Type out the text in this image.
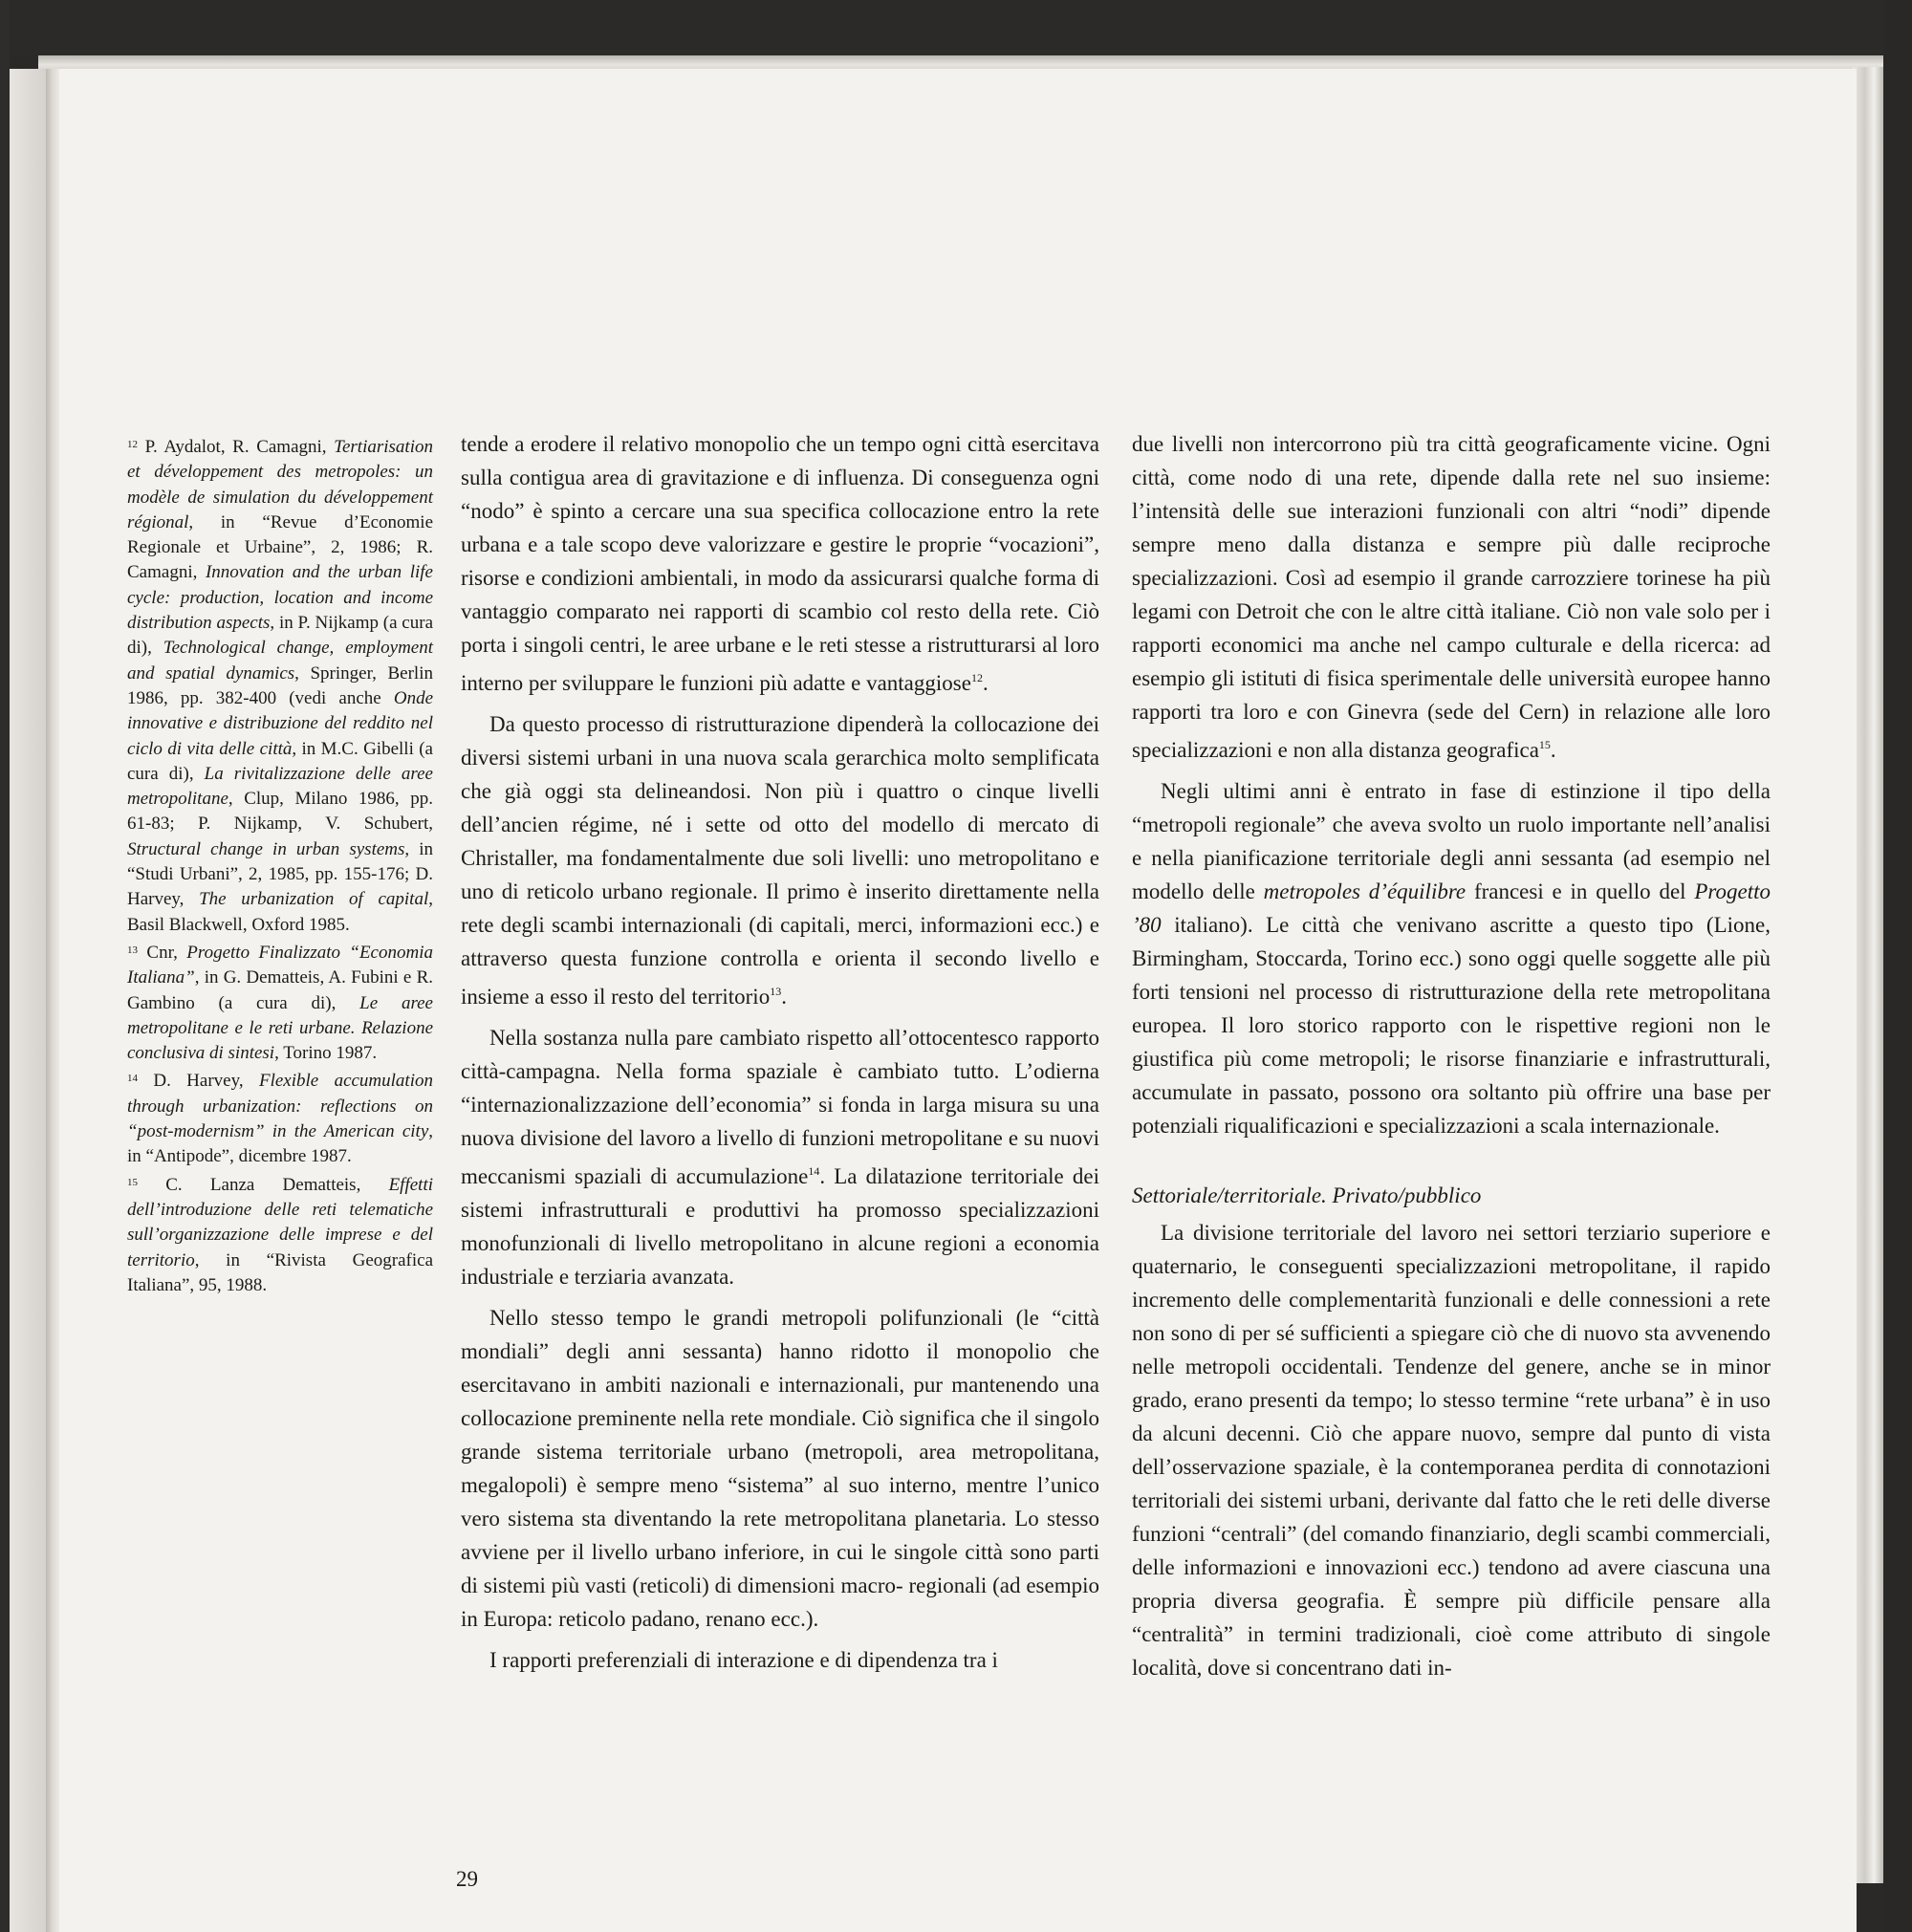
$^{12}$ P. Aydalot, R. Camagni, Tertiarisation et développement des metropoles: un modèle de simulation du développement régional, in “Revue d’Economie Regionale et Urbaine”, 2, 1986; R. Camagni, Innovation and the urban life cycle: production, location and income distribution aspects, in P. Nijkamp (a cura di), Technological change, employment and spatial dynamics, Springer, Berlin 1986, pp. 382-400 (vedi anche Onde innovative e distribuzione del reddito nel ciclo di vita delle città, in M.C. Gibelli (a cura di), La rivitalizzazione delle aree metropolitane, Clup, Milano 1986, pp. 61-83; P. Nijkamp, V. Schubert, Structural change in urban systems, in “Studi Urbani”, 2, 1985, pp. 155-176; D. Harvey, The urbanization of capital, Basil Blackwell, Oxford 1985.

$^{13}$ Cnr, Progetto Finalizzato “Economia Italiana”, in G. Dematteis, A. Fubini e R. Gambino (a cura di), Le aree metropolitane e le reti urbane. Relazione conclusiva di sintesi, Torino 1987.

$^{14}$ D. Harvey, Flexible accumulation through urbanization: reflections on “post-modernism” in the American city, in “Antipode”, dicembre 1987.

$^{15}$ C. Lanza Dematteis, Effetti dell’introduzione delle reti telematiche sull’organizzazione delle imprese e del territorio, in “Rivista Geografica Italiana”, 95, 1988.

tende a erodere il relativo monopolio che un tempo ogni città esercitava sulla contigua area di gravitazione e di influenza. Di conseguenza ogni “nodo” è spinto a cercare una sua specifica collocazione entro la rete urbana e a tale scopo deve valorizzare e gestire le proprie “vocazioni”, risorse e condizioni ambientali, in modo da assicurarsi qualche forma di vantaggio comparato nei rapporti di scambio col resto della rete. Ciò porta i singoli centri, le aree urbane e le reti stesse a ristrutturarsi al loro interno per sviluppare le funzioni più adatte e vantaggiose$^{12}$.

Da questo processo di ristrutturazione dipenderà la collocazione dei diversi sistemi urbani in una nuova scala gerarchica molto semplificata che già oggi sta delineandosi. Non più i quattro o cinque livelli dell’ancien régime, né i sette od otto del modello di mercato di Christaller, ma fondamentalmente due soli livelli: uno metropolitano e uno di reticolo urbano regionale. Il primo è inserito direttamente nella rete degli scambi internazionali (di capitali, merci, informazioni ecc.) e attraverso questa funzione controlla e orienta il secondo livello e insieme a esso il resto del territorio$^{13}$.

Nella sostanza nulla pare cambiato rispetto all’ottocentesco rapporto città-campagna. Nella forma spaziale è cambiato tutto. L’odierna “internazionalizzazione dell’economia” si fonda in larga misura su una nuova divisione del lavoro a livello di funzioni metropolitane e su nuovi meccanismi spaziali di accumulazione$^{14}$. La dilatazione territoriale dei sistemi infrastrutturali e produttivi ha promosso specializzazioni monofunzionali di livello metropolitano in alcune regioni a economia industriale e terziaria avanzata.

Nello stesso tempo le grandi metropoli polifunzionali (le “città mondiali” degli anni sessanta) hanno ridotto il monopolio che esercitavano in ambiti nazionali e internazionali, pur mantenendo una collocazione preminente nella rete mondiale. Ciò significa che il singolo grande sistema territoriale urbano (metropoli, area metropolitana, megalopoli) è sempre meno “sistema” al suo interno, mentre l’unico vero sistema sta diventando la rete metropolitana planetaria. Lo stesso avviene per il livello urbano inferiore, in cui le singole città sono parti di sistemi più vasti (reticoli) di dimensioni macro- regionali (ad esempio in Europa: reticolo padano, renano ecc.).

I rapporti preferenziali di interazione e di dipendenza tra i

due livelli non intercorrono più tra città geograficamente vicine. Ogni città, come nodo di una rete, dipende dalla rete nel suo insieme: l’intensità delle sue interazioni funzionali con altri “nodi” dipende sempre meno dalla distanza e sempre più dalle reciproche specializzazioni. Così ad esempio il grande carrozziere torinese ha più legami con Detroit che con le altre città italiane. Ciò non vale solo per i rapporti economici ma anche nel campo culturale e della ricerca: ad esempio gli istituti di fisica sperimentale delle università europee hanno rapporti tra loro e con Ginevra (sede del Cern) in relazione alle loro specializzazioni e non alla distanza geografica$^{15}$.

Negli ultimi anni è entrato in fase di estinzione il tipo della “metropoli regionale” che aveva svolto un ruolo importante nell’analisi e nella pianificazione territoriale degli anni sessanta (ad esempio nel modello delle metropoles d’équilibre francesi e in quello del Progetto ’80 italiano). Le città che venivano ascritte a questo tipo (Lione, Birmingham, Stoccarda, Torino ecc.) sono oggi quelle soggette alle più forti tensioni nel processo di ristrutturazione della rete metropolitana europea. Il loro storico rapporto con le rispettive regioni non le giustifica più come metropoli; le risorse finanziarie e infrastrutturali, accumulate in passato, possono ora soltanto più offrire una base per potenziali riqualificazioni e specializzazioni a scala internazionale.

Settoriale/territoriale. Privato/pubblico

La divisione territoriale del lavoro nei settori terziario superiore e quaternario, le conseguenti specializzazioni metropolitane, il rapido incremento delle complementarità funzionali e delle connessioni a rete non sono di per sé sufficienti a spiegare ciò che di nuovo sta avvenendo nelle metropoli occidentali. Tendenze del genere, anche se in minor grado, erano presenti da tempo; lo stesso termine “rete urbana” è in uso da alcuni decenni. Ciò che appare nuovo, sempre dal punto di vista dell’osservazione spaziale, è la contemporanea perdita di connotazioni territoriali dei sistemi urbani, derivante dal fatto che le reti delle diverse funzioni “centrali” (del comando finanziario, degli scambi commerciali, delle informazioni e innovazioni ecc.) tendono ad avere ciascuna una propria diversa geografia. È sempre più difficile pensare alla “centralità” in termini tradizionali, cioè come attributo di singole località, dove si concentrano dati in-

29
